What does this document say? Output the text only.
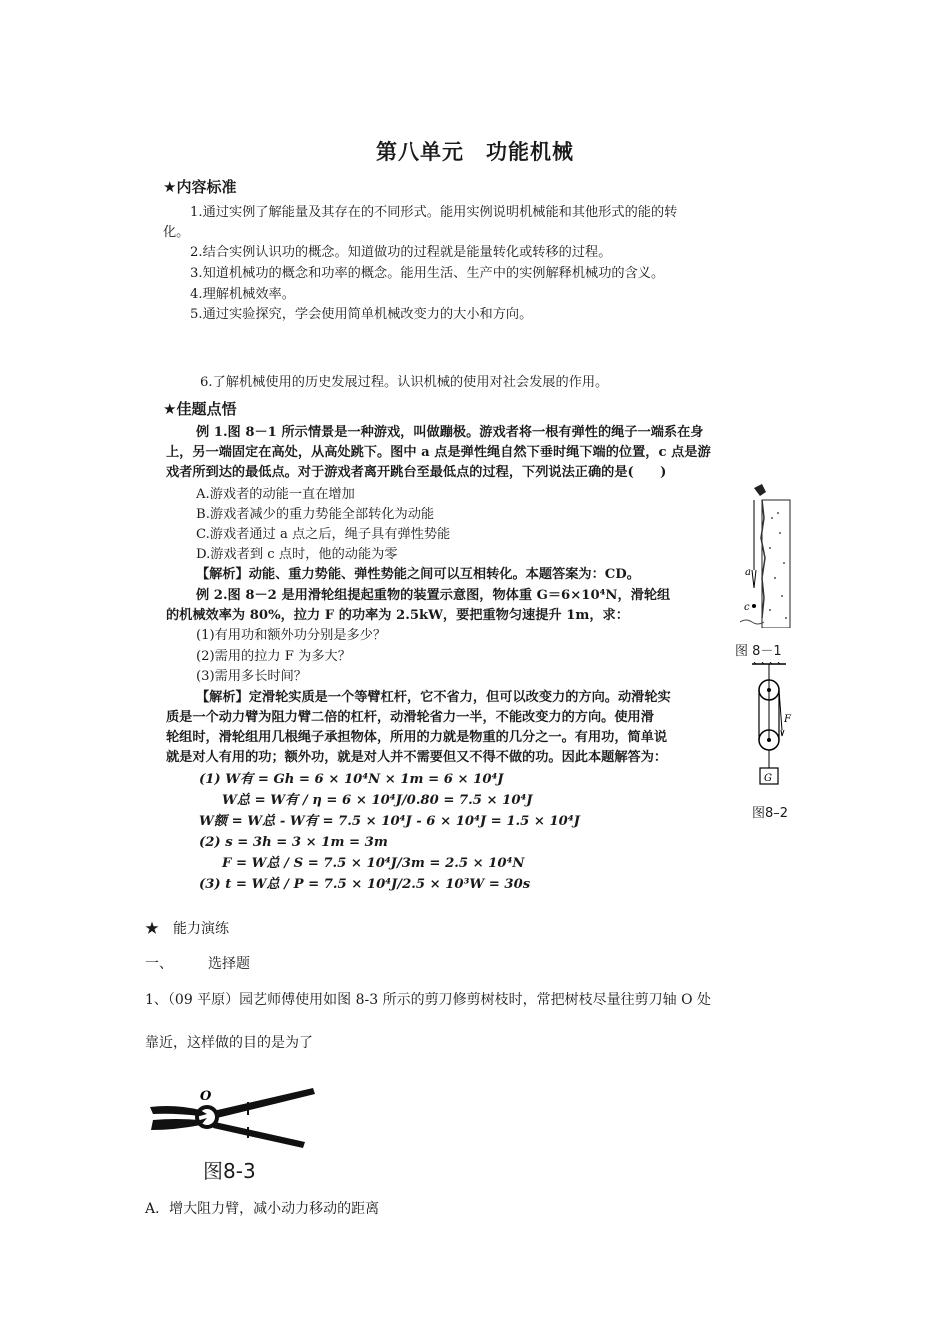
第八单元　功能机械
★内容标准
1.通过实例了解能量及其存在的不同形式。能用实例说明机械能和其他形式的能的转
化。
2.结合实例认识功的概念。知道做功的过程就是能量转化或转移的过程。
3.知道机械功的概念和功率的概念。能用生活、生产中的实例解释机械功的含义。
4.理解机械效率。
5.通过实验探究，学会使用简单机械改变力的大小和方向。
6.了解机械使用的历史发展过程。认识机械的使用对社会发展的作用。
★佳题点悟
例 1.图 8－1 所示情景是一种游戏，叫做蹦极。游戏者将一根有弹性的绳子一端系在身
上，另一端固定在高处，从高处跳下。图中 a 点是弹性绳自然下垂时绳下端的位置，c 点是游
戏者所到达的最低点。对于游戏者离开跳台至最低点的过程，下列说法正确的是(　　)
A.游戏者的动能一直在增加
B.游戏者减少的重力势能全部转化为动能
C.游戏者通过 a 点之后，绳子具有弹性势能
D.游戏者到 c 点时，他的动能为零
【解析】动能、重力势能、弹性势能之间可以互相转化。本题答案为：CD。
例 2.图 8－2 是用滑轮组提起重物的装置示意图，物体重 G＝6×10⁴N，滑轮组
的机械效率为 80%，拉力 F 的功率为 2.5kW，要把重物匀速提升 1m，求：
(1)有用功和额外功分别是多少？
(2)需用的拉力 F 为多大？
(3)需用多长时间？
【解析】定滑轮实质是一个等臂杠杆，它不省力，但可以改变力的方向。动滑轮实
质是一个动力臂为阻力臂二倍的杠杆，动滑轮省力一半，不能改变力的方向。使用滑
轮组时，滑轮组用几根绳子承担物体，所用的力就是物重的几分之一。有用功，简单说
就是对人有用的功；额外功，就是对人并不需要但又不得不做的功。因此本题解答为：
(1) W有 = Gh = 6 × 10⁴N × 1m = 6 × 10⁴J
W总 = W有 / η = 6 × 10⁴J/0.80 = 7.5 × 10⁴J
W额 = W总 - W有 = 7.5 × 10⁴J - 6 × 10⁴J = 1.5 × 10⁴J
(2) s = 3h = 3 × 1m = 3m
F = W总 / S = 7.5 × 10⁴J/3m = 2.5 × 10⁴N
(3) t = W总 / P = 7.5 × 10⁴J/2.5 × 10³W = 30s
a
c
图 8－1
F
G
图8–2
★　能力演练
一、　　　选择题
1、（09 平原）园艺师傅使用如图 8-3 所示的剪刀修剪树枝时，常把树枝尽量往剪刀轴 O 处
靠近，这样做的目的是为了
O
图8-3
A．增大阻力臂，减小动力移动的距离
